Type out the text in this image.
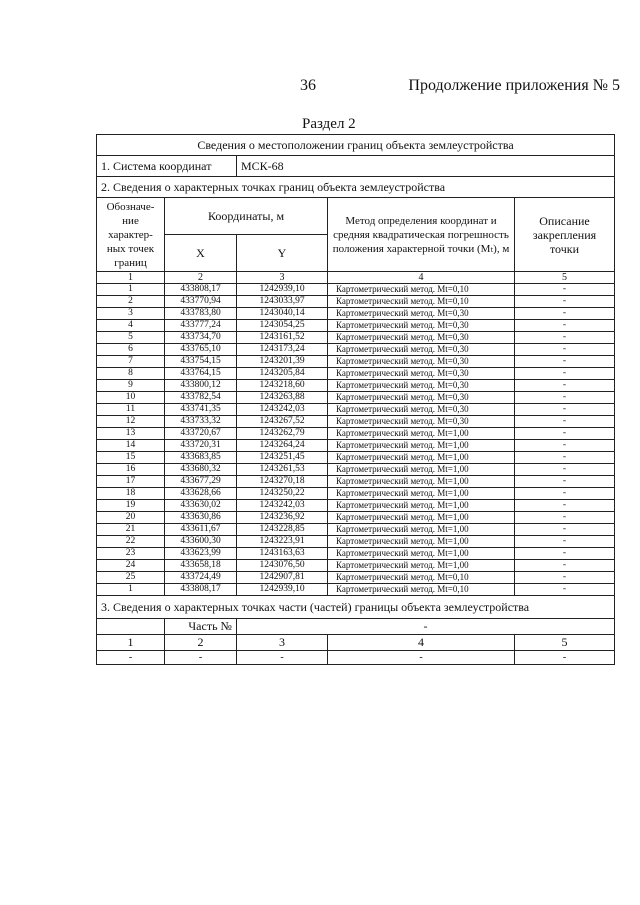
36	Продолжение приложения № 5
Раздел 2
Сведения о местоположении границ объекта землеустройства				
1. Система координат		МСК-68		
2. Сведения о характерных точках границ объекта землеустройства				
Обозначе-ние характер-ных точек границ	Координаты, м		Метод определения координат и средняя квадратическая погрешность положения характерной точки (Mₜ), м	Описание закрепления точки
	X	Y		
1	2	3	4	5
1	433808,17	1242939,10	Картометрический метод. Mt=0,10	-
2	433770,94	1243033,97	Картометрический метод. Mt=0,10	-
3	433783,80	1243040,14	Картометрический метод. Mt=0,30	-
4	433777,24	1243054,25	Картометрический метод. Mt=0,30	-
5	433734,70	1243161,52	Картометрический метод. Mt=0,30	-
6	433765,10	1243173,24	Картометрический метод. Mt=0,30	-
7	433754,15	1243201,39	Картометрический метод. Mt=0,30	-
8	433764,15	1243205,84	Картометрический метод. Mt=0,30	-
9	433800,12	1243218,60	Картометрический метод. Mt=0,30	-
10	433782,54	1243263,88	Картометрический метод. Mt=0,30	-
11	433741,35	1243242,03	Картометрический метод. Mt=0,30	-
12	433733,32	1243267,52	Картометрический метод. Mt=0,30	-
13	433720,67	1243262,79	Картометрический метод. Mt=1,00	-
14	433720,31	1243264,24	Картометрический метод. Mt=1,00	-
15	433683,85	1243251,45	Картометрический метод. Mt=1,00	-
16	433680,32	1243261,53	Картометрический метод. Mt=1,00	-
17	433677,29	1243270,18	Картометрический метод. Mt=1,00	-
18	433628,66	1243250,22	Картометрический метод. Mt=1,00	-
19	433630,02	1243242,03	Картометрический метод. Mt=1,00	-
20	433630,86	1243236,92	Картометрический метод. Mt=1,00	-
21	433611,67	1243228,85	Картометрический метод. Mt=1,00	-
22	433600,30	1243223,91	Картометрический метод. Mt=1,00	-
23	433623,99	1243163,63	Картометрический метод. Mt=1,00	-
24	433658,18	1243076,50	Картометрический метод. Mt=1,00	-
25	433724,49	1242907,81	Картометрический метод. Mt=0,10	-
1	433808,17	1242939,10	Картометрический метод. Mt=0,10	-
3. Сведения о характерных точках части (частей) границы объекта землеустройства				
	Часть №	-		
1	2	3	4	5
-	-	-	-	-
